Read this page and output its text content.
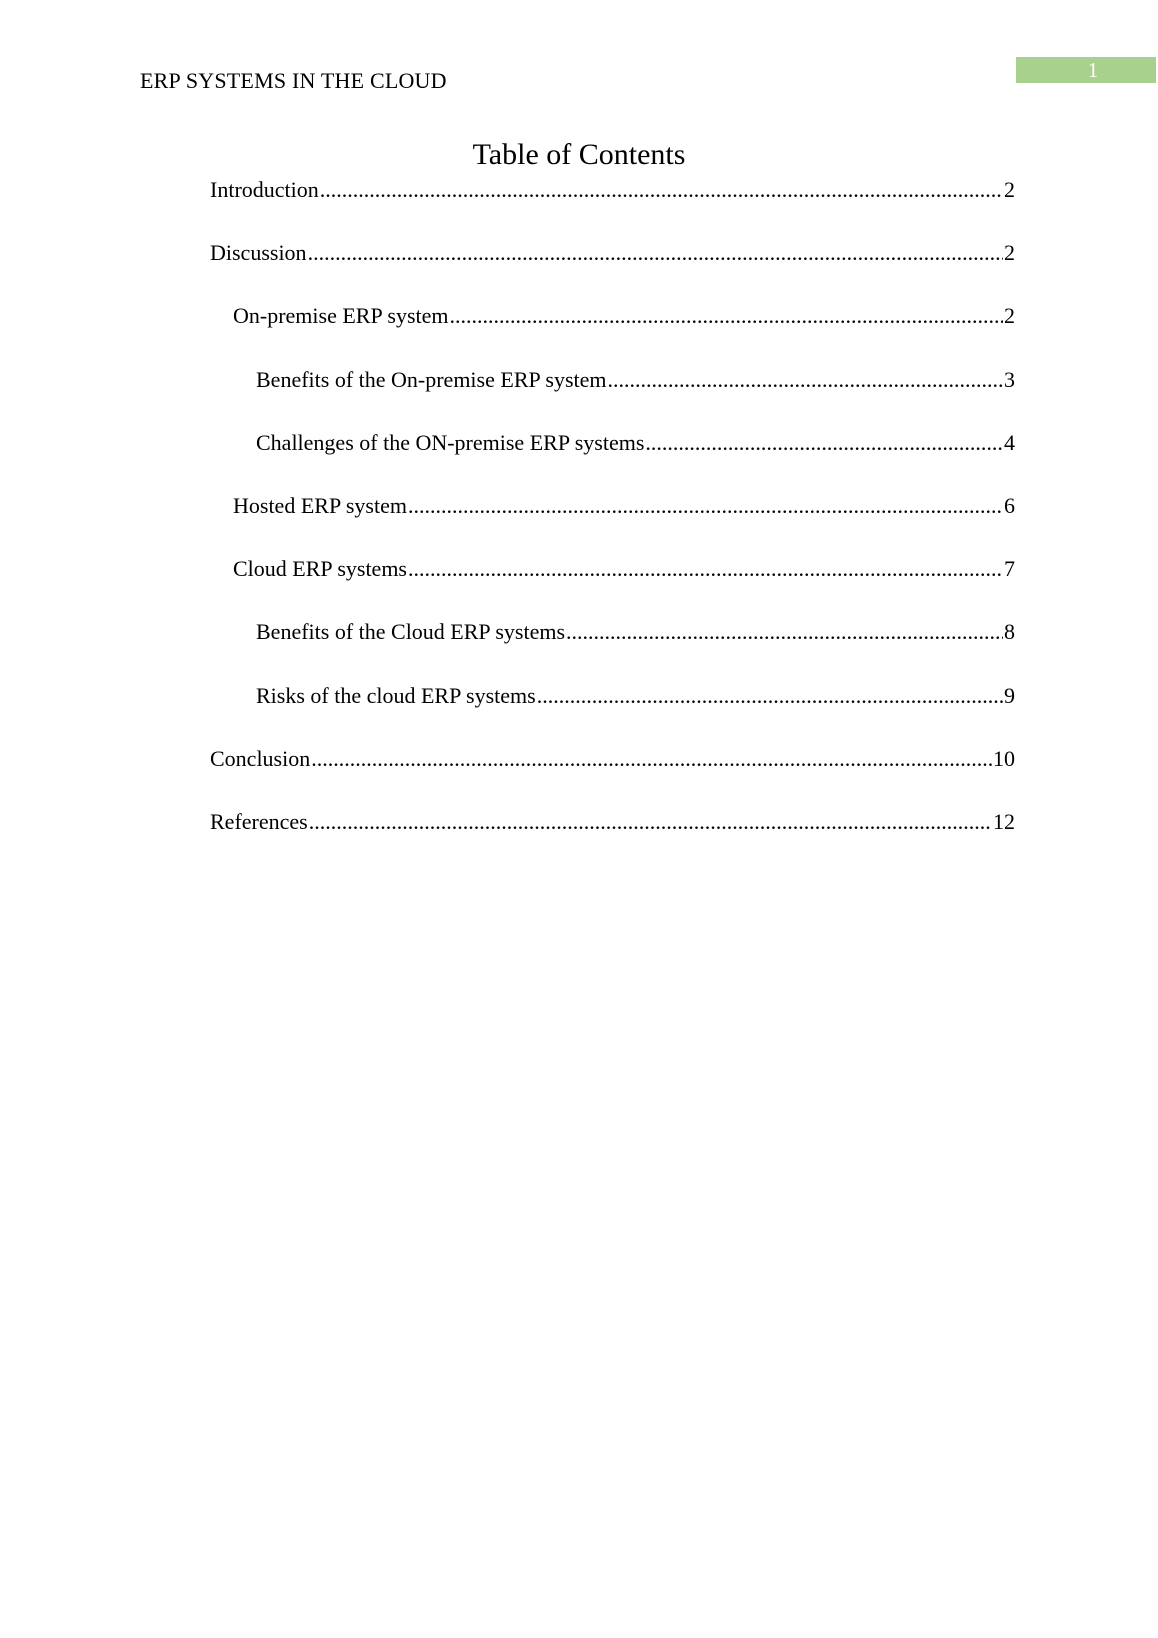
ERP SYSTEMS IN THE CLOUD	1
Table of Contents
Introduction .....	2
Discussion .....	2
On-premise ERP system .....	2
Benefits of the On-premise ERP system .....	3
Challenges of the ON-premise ERP systems .....	4
Hosted ERP system .....	6
Cloud ERP systems .....	7
Benefits of the Cloud ERP systems .....	8
Risks of the cloud ERP systems .....	9
Conclusion .....	10
References .....	12
